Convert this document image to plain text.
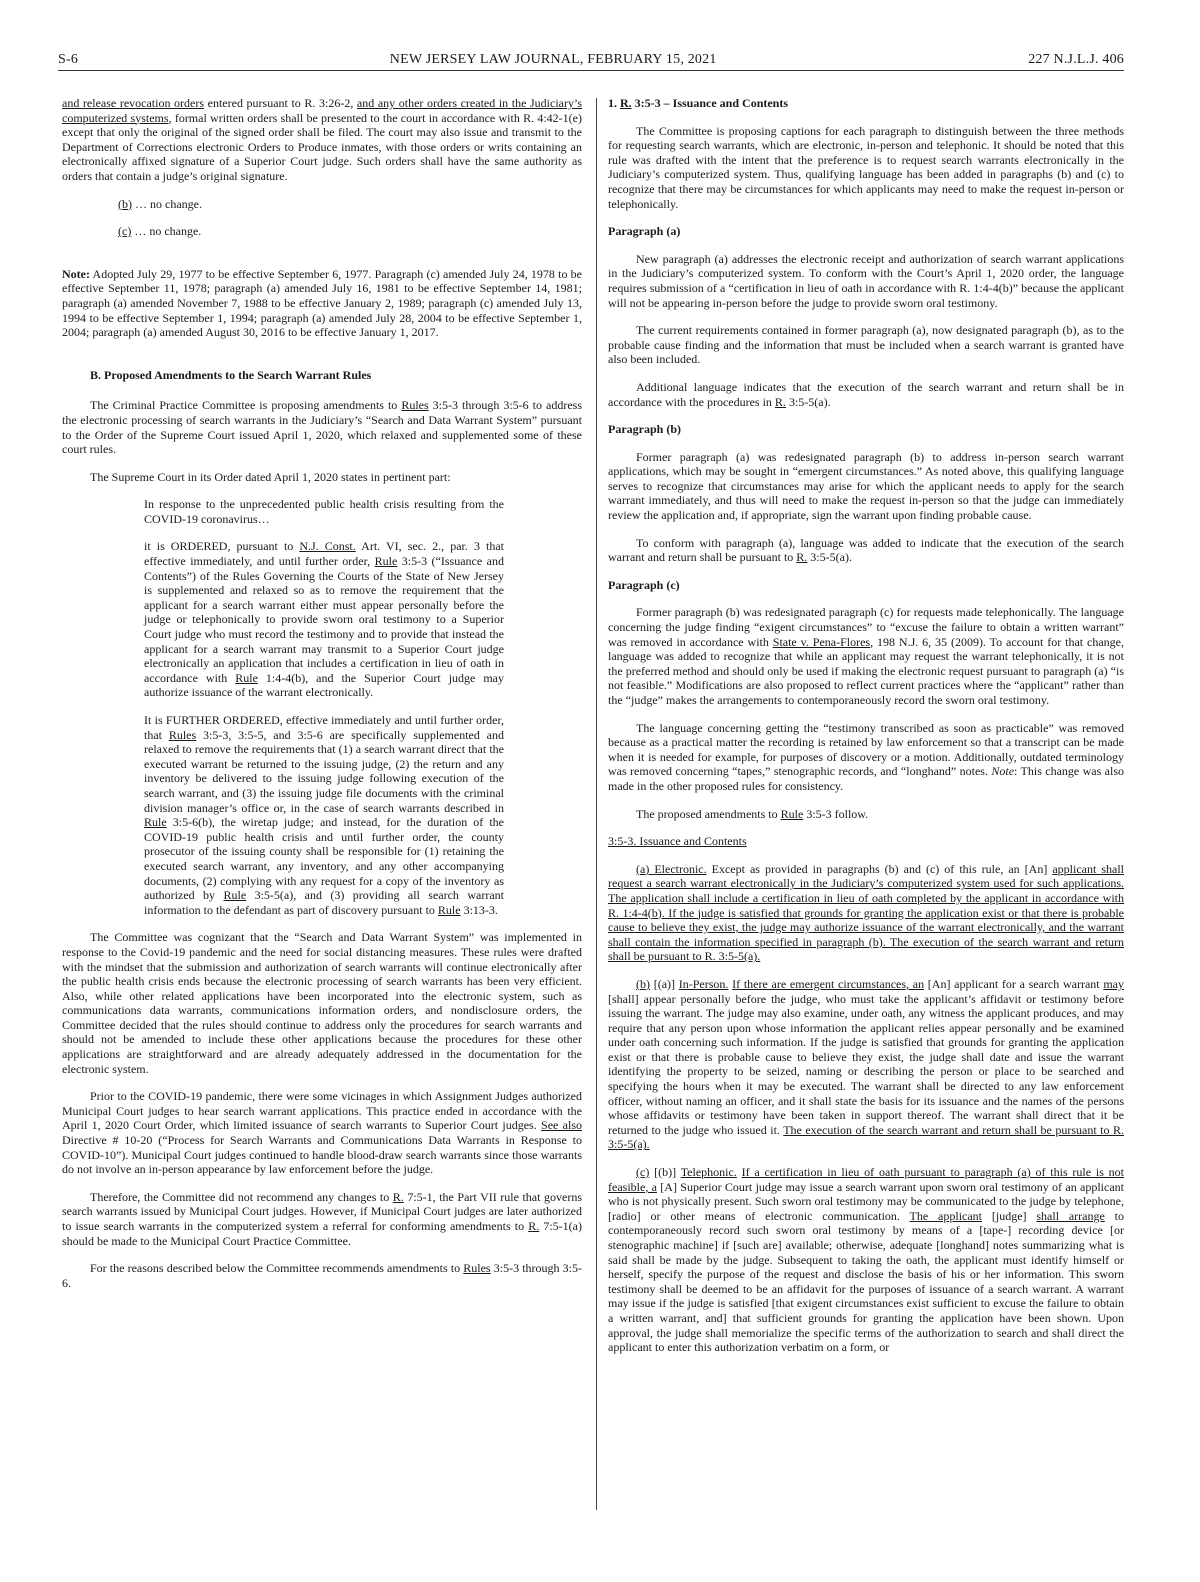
S-6	NEW JERSEY LAW JOURNAL, FEBRUARY 15, 2021	227 N.J.L.J. 406

and release revocation orders entered pursuant to R. 3:26-2, and any other orders created in the Judiciary’s computerized systems, formal written orders shall be presented to the court in accordance with R. 4:42-1(e) except that only the original of the signed order shall be filed. The court may also issue and transmit to the Department of Corrections electronic Orders to Produce inmates, with those orders or writs containing an electronically affixed signature of a Superior Court judge. Such orders shall have the same authority as orders that contain a judge’s original signature.

(b) … no change.

(c) … no change.

Note: Adopted July 29, 1977 to be effective September 6, 1977. Paragraph (c) amended July 24, 1978 to be effective September 11, 1978; paragraph (a) amended July 16, 1981 to be effective September 14, 1981; paragraph (a) amended November 7, 1988 to be effective January 2, 1989; paragraph (c) amended July 13, 1994 to be effective September 1, 1994; paragraph (a) amended July 28, 2004 to be effective September 1, 2004; paragraph (a) amended August 30, 2016 to be effective January 1, 2017.

B. Proposed Amendments to the Search Warrant Rules

The Criminal Practice Committee is proposing amendments to Rules 3:5-3 through 3:5-6 to address the electronic processing of search warrants in the Judiciary’s “Search and Data Warrant System” pursuant to the Order of the Supreme Court issued April 1, 2020, which relaxed and supplemented some of these court rules.

The Supreme Court in its Order dated April 1, 2020 states in pertinent part:

In response to the unprecedented public health crisis resulting from the COVID-19 coronavirus…

it is ORDERED, pursuant to N.J. Const. Art. VI, sec. 2., par. 3 that effective immediately, and until further order, Rule 3:5-3 (“Issuance and Contents”) of the Rules Governing the Courts of the State of New Jersey is supplemented and relaxed so as to remove the requirement that the applicant for a search warrant either must appear personally before the judge or telephonically to provide sworn oral testimony to a Superior Court judge who must record the testimony and to provide that instead the applicant for a search warrant may transmit to a Superior Court judge electronically an application that includes a certification in lieu of oath in accordance with Rule 1:4-4(b), and the Superior Court judge may authorize issuance of the warrant electronically.

It is FURTHER ORDERED, effective immediately and until further order, that Rules 3:5-3, 3:5-5, and 3:5-6 are specifically supplemented and relaxed to remove the requirements that (1) a search warrant direct that the executed warrant be returned to the issuing judge, (2) the return and any inventory be delivered to the issuing judge following execution of the search warrant, and (3) the issuing judge file documents with the criminal division manager’s office or, in the case of search warrants described in Rule 3:5-6(b), the wiretap judge; and instead, for the duration of the COVID-19 public health crisis and until further order, the county prosecutor of the issuing county shall be responsible for (1) retaining the executed search warrant, any inventory, and any other accompanying documents, (2) complying with any request for a copy of the inventory as authorized by Rule 3:5-5(a), and (3) providing all search warrant information to the defendant as part of discovery pursuant to Rule 3:13-3.

The Committee was cognizant that the “Search and Data Warrant System” was implemented in response to the Covid-19 pandemic and the need for social distancing measures. These rules were drafted with the mindset that the submission and authorization of search warrants will continue electronically after the public health crisis ends because the electronic processing of search warrants has been very efficient. Also, while other related applications have been incorporated into the electronic system, such as communications data warrants, communications information orders, and nondisclosure orders, the Committee decided that the rules should continue to address only the procedures for search warrants and should not be amended to include these other applications because the procedures for these other applications are straightforward and are already adequately addressed in the documentation for the electronic system.

Prior to the COVID-19 pandemic, there were some vicinages in which Assignment Judges authorized Municipal Court judges to hear search warrant applications. This practice ended in accordance with the April 1, 2020 Court Order, which limited issuance of search warrants to Superior Court judges. See also Directive # 10-20 (“Process for Search Warrants and Communications Data Warrants in Response to COVID-10”). Municipal Court judges continued to handle blood-draw search warrants since those warrants do not involve an in-person appearance by law enforcement before the judge.

Therefore, the Committee did not recommend any changes to R. 7:5-1, the Part VII rule that governs search warrants issued by Municipal Court judges. However, if Municipal Court judges are later authorized to issue search warrants in the computerized system a referral for conforming amendments to R. 7:5-1(a) should be made to the Municipal Court Practice Committee.

For the reasons described below the Committee recommends amendments to Rules 3:5-3 through 3:5-6.

1. R. 3:5-3 – Issuance and Contents

The Committee is proposing captions for each paragraph to distinguish between the three methods for requesting search warrants, which are electronic, in-person and telephonic. It should be noted that this rule was drafted with the intent that the preference is to request search warrants electronically in the Judiciary’s computerized system. Thus, qualifying language has been added in paragraphs (b) and (c) to recognize that there may be circumstances for which applicants may need to make the request in-person or telephonically.

Paragraph (a)

New paragraph (a) addresses the electronic receipt and authorization of search warrant applications in the Judiciary’s computerized system. To conform with the Court’s April 1, 2020 order, the language requires submission of a “certification in lieu of oath in accordance with R. 1:4-4(b)” because the applicant will not be appearing in-person before the judge to provide sworn oral testimony.

The current requirements contained in former paragraph (a), now designated paragraph (b), as to the probable cause finding and the information that must be included when a search warrant is granted have also been included.

Additional language indicates that the execution of the search warrant and return shall be in accordance with the procedures in R. 3:5-5(a).

Paragraph (b)

Former paragraph (a) was redesignated paragraph (b) to address in-person search warrant applications, which may be sought in “emergent circumstances.” As noted above, this qualifying language serves to recognize that circumstances may arise for which the applicant needs to apply for the search warrant immediately, and thus will need to make the request in-person so that the judge can immediately review the application and, if appropriate, sign the warrant upon finding probable cause.

To conform with paragraph (a), language was added to indicate that the execution of the search warrant and return shall be pursuant to R. 3:5-5(a).

Paragraph (c)

Former paragraph (b) was redesignated paragraph (c) for requests made telephonically. The language concerning the judge finding “exigent circumstances” to “excuse the failure to obtain a written warrant” was removed in accordance with State v. Pena-Flores, 198 N.J. 6, 35 (2009). To account for that change, language was added to recognize that while an applicant may request the warrant telephonically, it is not the preferred method and should only be used if making the electronic request pursuant to paragraph (a) “is not feasible.” Modifications are also proposed to reflect current practices where the “applicant” rather than the “judge” makes the arrangements to contemporaneously record the sworn oral testimony.

The language concerning getting the “testimony transcribed as soon as practicable” was removed because as a practical matter the recording is retained by law enforcement so that a transcript can be made when it is needed for example, for purposes of discovery or a motion. Additionally, outdated terminology was removed concerning “tapes,” stenographic records, and “longhand” notes. Note: This change was also made in the other proposed rules for consistency.

The proposed amendments to Rule 3:5-3 follow.

3:5-3. Issuance and Contents

(a) Electronic. Except as provided in paragraphs (b) and (c) of this rule, an [An] applicant shall request a search warrant electronically in the Judiciary’s computerized system used for such applications. The application shall include a certification in lieu of oath completed by the applicant in accordance with R. 1:4-4(b). If the judge is satisfied that grounds for granting the application exist or that there is probable cause to believe they exist, the judge may authorize issuance of the warrant electronically, and the warrant shall contain the information specified in paragraph (b). The execution of the search warrant and return shall be pursuant to R. 3:5-5(a).

(b) [(a)] In-Person. If there are emergent circumstances, an [An] applicant for a search warrant may [shall] appear personally before the judge, who must take the applicant’s affidavit or testimony before issuing the warrant. The judge may also examine, under oath, any witness the applicant produces, and may require that any person upon whose information the applicant relies appear personally and be examined under oath concerning such information. If the judge is satisfied that grounds for granting the application exist or that there is probable cause to believe they exist, the judge shall date and issue the warrant identifying the property to be seized, naming or describing the person or place to be searched and specifying the hours when it may be executed. The warrant shall be directed to any law enforcement officer, without naming an officer, and it shall state the basis for its issuance and the names of the persons whose affidavits or testimony have been taken in support thereof. The warrant shall direct that it be returned to the judge who issued it. The execution of the search warrant and return shall be pursuant to R. 3:5-5(a).

(c) [(b)] Telephonic. If a certification in lieu of oath pursuant to paragraph (a) of this rule is not feasible, a [A] Superior Court judge may issue a search warrant upon sworn oral testimony of an applicant who is not physically present. Such sworn oral testimony may be communicated to the judge by telephone, [radio] or other means of electronic communication. The applicant [judge] shall arrange to contemporaneously record such sworn oral testimony by means of a [tape-] recording device [or stenographic machine] if [such are] available; otherwise, adequate [longhand] notes summarizing what is said shall be made by the judge. Subsequent to taking the oath, the applicant must identify himself or herself, specify the purpose of the request and disclose the basis of his or her information. This sworn testimony shall be deemed to be an affidavit for the purposes of issuance of a search warrant. A warrant may issue if the judge is satisfied [that exigent circumstances exist sufficient to excuse the failure to obtain a written warrant, and] that sufficient grounds for granting the application have been shown. Upon approval, the judge shall memorialize the specific terms of the authorization to search and shall direct the applicant to enter this authorization verbatim on a form, or
